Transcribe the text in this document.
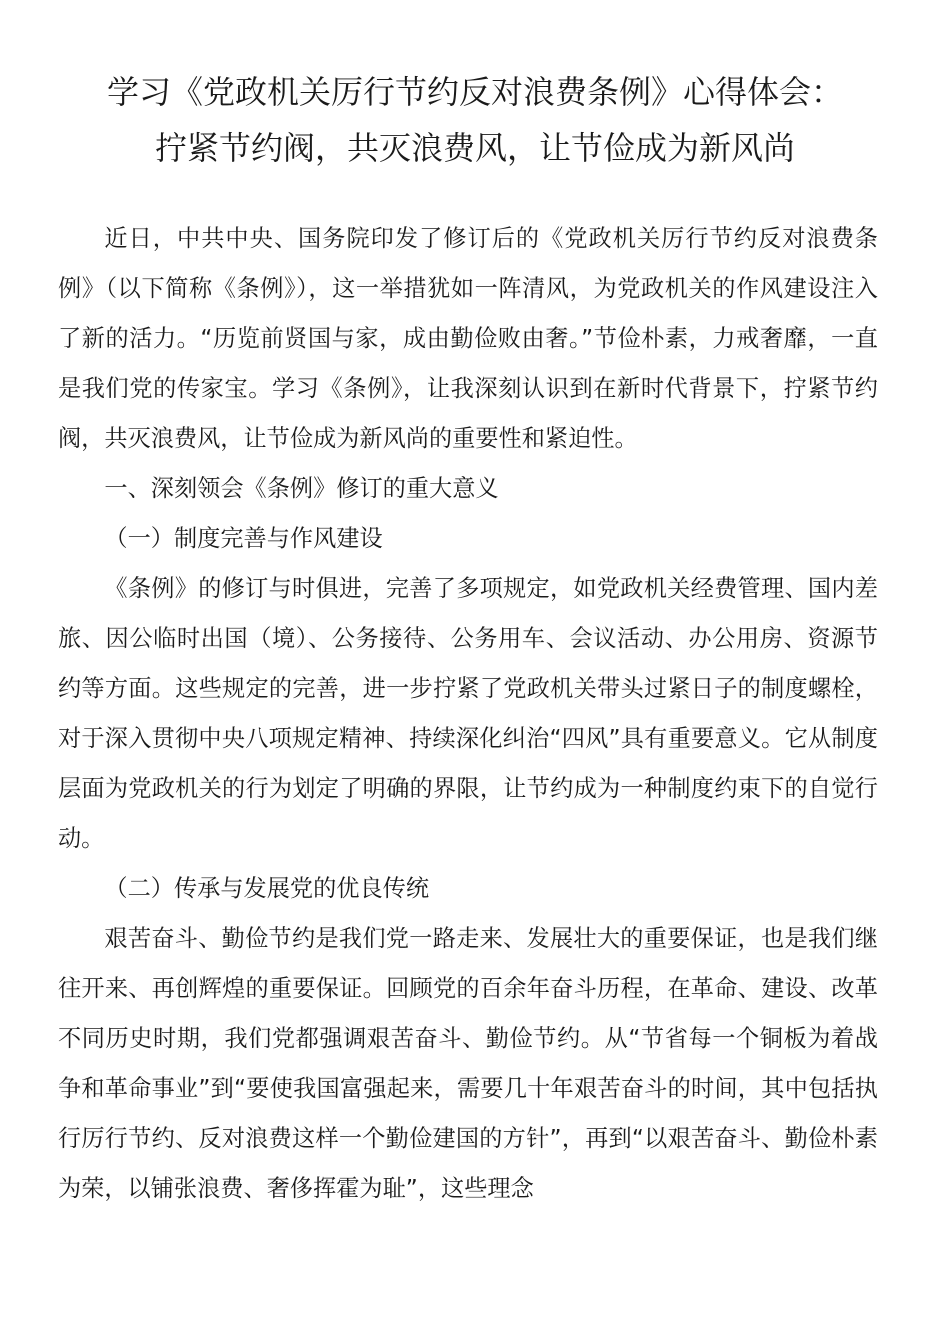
学习《党政机关厉行节约反对浪费条例》心得体会：
拧紧节约阀，共灭浪费风，让节俭成为新风尚

近日，中共中央、国务院印发了修订后的《党政机关厉行节约反对浪费条例》（以下简称《条例》），这一举措犹如一阵清风，为党政机关的作风建设注入了新的活力。“历览前贤国与家，成由勤俭败由奢。”节俭朴素，力戒奢靡，一直是我们党的传家宝。学习《条例》，让我深刻认识到在新时代背景下，拧紧节约阀，共灭浪费风，让节俭成为新风尚的重要性和紧迫性。

一、深刻领会《条例》修订的重大意义

（一）制度完善与作风建设

《条例》的修订与时俱进，完善了多项规定，如党政机关经费管理、国内差旅、因公临时出国（境）、公务接待、公务用车、会议活动、办公用房、资源节约等方面。这些规定的完善，进一步拧紧了党政机关带头过紧日子的制度螺栓，对于深入贯彻中央八项规定精神、持续深化纠治“四风”具有重要意义。它从制度层面为党政机关的行为划定了明确的界限，让节约成为一种制度约束下的自觉行动。

（二）传承与发展党的优良传统

艰苦奋斗、勤俭节约是我们党一路走来、发展壮大的重要保证，也是我们继往开来、再创辉煌的重要保证。回顾党的百余年奋斗历程，在革命、建设、改革不同历史时期，我们党都强调艰苦奋斗、勤俭节约。从“节省每一个铜板为着战争和革命事业”到“要使我国富强起来，需要几十年艰苦奋斗的时间，其中包括执行厉行节约、反对浪费这样一个勤俭建国的方针”，再到“以艰苦奋斗、勤俭朴素为荣，以铺张浪费、奢侈挥霍为耻”，这些理念
